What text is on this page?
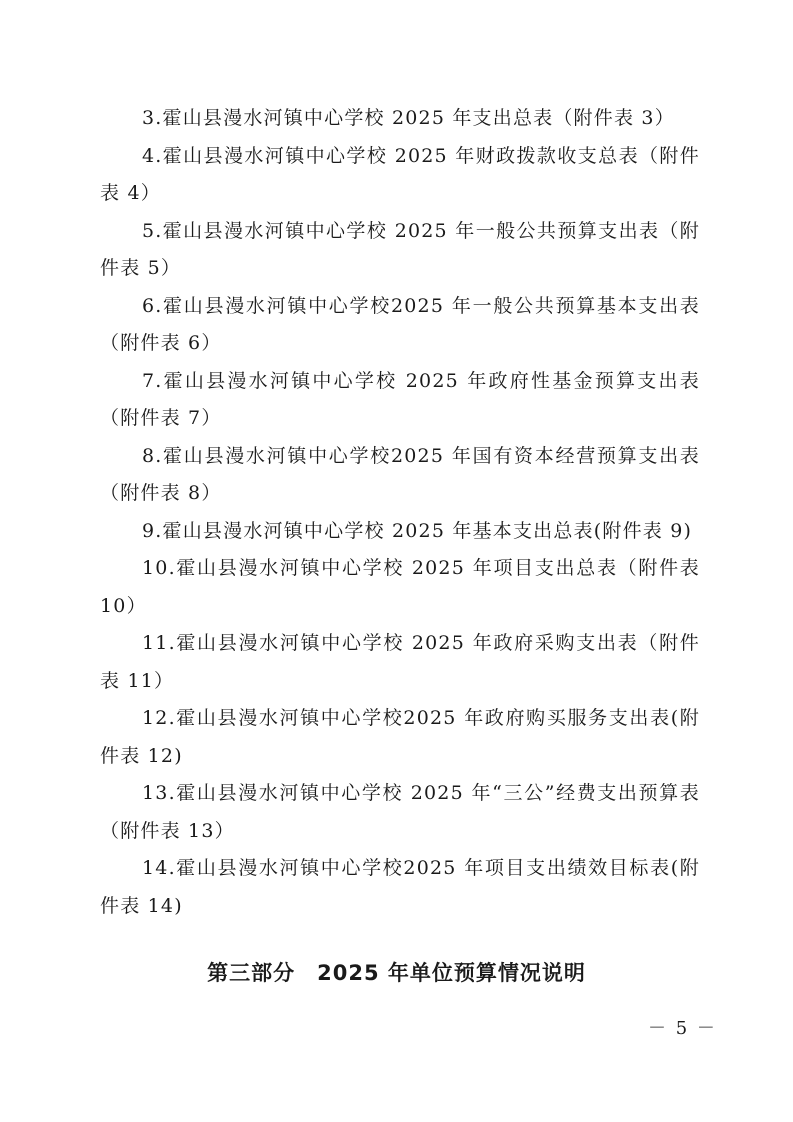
3.霍山县漫水河镇中心学校 2025 年支出总表（附件表 3）

4.霍山县漫水河镇中心学校 2025 年财政拨款收支总表（附件表 4）

5.霍山县漫水河镇中心学校 2025 年一般公共预算支出表（附件表 5）

6.霍山县漫水河镇中心学校2025 年一般公共预算基本支出表（附件表 6）

7.霍山县漫水河镇中心学校 2025 年政府性基金预算支出表（附件表 7）

8.霍山县漫水河镇中心学校2025 年国有资本经营预算支出表（附件表 8）

9.霍山县漫水河镇中心学校 2025 年基本支出总表(附件表 9)

10.霍山县漫水河镇中心学校 2025 年项目支出总表（附件表10）

11.霍山县漫水河镇中心学校 2025 年政府采购支出表（附件表 11）

12.霍山县漫水河镇中心学校2025 年政府购买服务支出表(附件表 12)

13.霍山县漫水河镇中心学校 2025 年“三公”经费支出预算表（附件表 13）

14.霍山县漫水河镇中心学校2025 年项目支出绩效目标表(附件表 14)

第三部分　2025 年单位预算情况说明
－ 5 －
